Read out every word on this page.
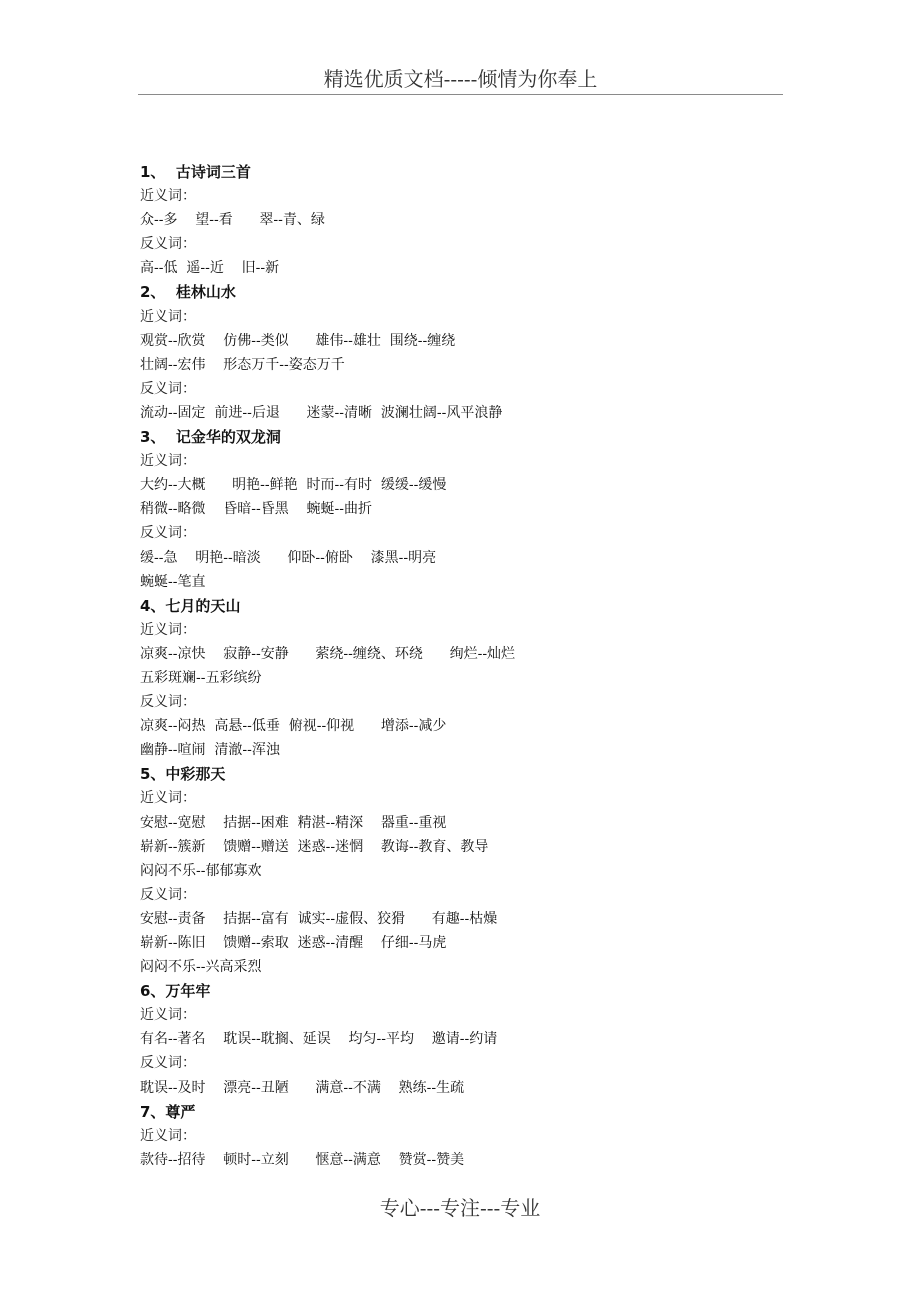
精选优质文档-----倾情为你奉上
1、  古诗词三首
近义词：
众--多    望--看      翠--青、绿
反义词：
高--低  遥--近    旧--新
2、  桂林山水
近义词：
观赏--欣赏    仿佛--类似      雄伟--雄壮  围绕--缠绕
壮阔--宏伟    形态万千--姿态万千
反义词：
流动--固定  前进--后退      迷蒙--清晰  波澜壮阔--风平浪静
3、  记金华的双龙洞
近义词：
大约--大概      明艳--鲜艳  时而--有时  缓缓--缓慢
稍微--略微    昏暗--昏黑    蜿蜒--曲折
反义词：
缓--急    明艳--暗淡      仰卧--俯卧    漆黑--明亮
蜿蜒--笔直
4、七月的天山
近义词：
凉爽--凉快    寂静--安静      萦绕--缠绕、环绕      绚烂--灿烂
五彩斑斓--五彩缤纷
反义词：
凉爽--闷热  高悬--低垂  俯视--仰视      增添--减少
幽静--喧闹  清澈--浑浊
5、中彩那天
近义词：
安慰--宽慰    拮据--困难  精湛--精深    器重--重视
崭新--簇新    馈赠--赠送  迷惑--迷惘    教诲--教育、教导
闷闷不乐--郁郁寡欢
反义词：
安慰--责备    拮据--富有  诚实--虚假、狡猾      有趣--枯燥
崭新--陈旧    馈赠--索取  迷惑--清醒    仔细--马虎
闷闷不乐--兴高采烈
6、万年牢
近义词：
有名--著名    耽误--耽搁、延误    均匀--平均    邀请--约请
反义词：
耽误--及时    漂亮--丑陋      满意--不满    熟练--生疏
7、尊严
近义词：
款待--招待    顿时--立刻      惬意--满意    赞赏--赞美
专心---专注---专业
